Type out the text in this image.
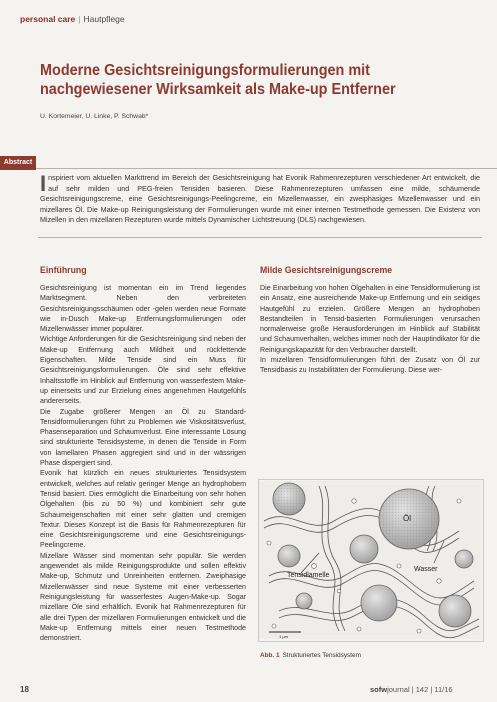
personal care | Hautpflege
Moderne Gesichtsreinigungsformulierungen mit nachgewiesener Wirksamkeit als Make-up Entferner
U. Kortemeier, U. Linke, P. Schwab*
Abstract
Inspiriert vom aktuellen Markttrend im Bereich der Gesichtsreinigung hat Evonik Rahmenrezepturen verschiedener Art entwickelt, die auf sehr milden und PEG-freien Tensiden basieren. Diese Rahmenrezepturen umfassen eine milde, schäumende Gesichtsreinigungscreme, eine Gesichtsreinigungs-Peelingcreme, ein Mizellenwasser, ein zweiphasiges Mizellenwasser und ein mizellares Öl. Die Make-up Reinigungsleistung der Formulierungen wurde mit einer internen Testmethode gemessen. Die Existenz von Mizellen in den mizellaren Rezepturen wurde mittels Dynamischer Lichtstreuung (DLS) nachgewiesen.
Einführung

Gesichtsreinigung ist momentan ein im Trend liegendes Marktsegment. Neben den verbreiteten Gesichtsreinigungsschäumen oder -gelen werden neue Formate wie in-Dusch Make-up Entfernungsformulierungen oder Mizellenwässer immer populärer.

Wichtige Anforderungen für die Gesichtsreinigung sind neben der Make-up Entfernung auch Mildheit und rückfettende Eigenschaften. Milde Tenside sind ein Muss für Gesichtsreinigungsformulierungen. Öle sind sehr effektive Inhaltsstoffe im Hinblick auf Entfernung von wasserfestem Make-up einerseits und zur Erzielung eines angenehmen Hautgefühls andererseits.

Die Zugabe größerer Mengen an Öl zu Standard-Tensidformulierungen führt zu Problemen wie Viskositätsverlust, Phasenseparation und Schaumverlust. Eine interessante Lösung sind strukturierte Tensidsysteme, in denen die Tenside in Form von lamellaren Phasen aggregiert sind und in der wässrigen Phase dispergiert sind.

Evonik hat kürzlich ein neues strukturiertes Tensidsystem entwickelt, welches auf relativ geringer Menge an hydrophobem Tensid basiert. Dies ermöglicht die Einarbeitung von sehr hohen Ölgehalten (bis zu 50 %) und kombiniert sehr gute Schaumeigenschaften mit einer sehr glatten und cremigen Textur. Dieses Konzept ist die Basis für Rahmenrezepturen für eine Gesichtsreinigungscreme und eine Gesichtsreinigungs-Peelingcreme.

Mizellare Wässer sind momentan sehr populär. Sie werden angewendet als milde Reinigungsprodukte und sollen effektiv Make-up, Schmutz und Unreinheiten entfernen. Zweiphasige Mizellenwässer sind neue Systeme mit einer verbesserten Reinigungsleistung für wasserfestes Augen-Make-up. Sogar mizellare Öle sind erhältlich. Evonik hat Rahmenrezepturen für alle drei Typen der mizellaren Formulierungen entwickelt und die Make-up Entfernung mittels einer neuen Testmethode demonstriert.

Milde Gesichtsreinigungscreme

Die Einarbeitung von hohen Ölgehalten in eine Tensidformulierung ist ein Ansatz, eine ausreichende Make-up Entfernung und ein seidiges Hautgefühl zu erzielen. Größere Mengen an hydrophoben Bestandteilen in Tensid-basierten Formulierungen verursachen normalerweise große Herausforderungen im Hinblick auf Stabilität und Schaumverhalten, welches immer noch der Hauptindikator für die Reinigungskapazität für den Verbraucher darstellt.

In mizellaren Tensidformulierungen führt der Zusatz von Öl zur Tensidbasis zu Instabilitäten der Formulierung. Diese wer-

Öl
Tensidlamelle
Wasser
1 µm
Abb. 1 Strukturiertes Tensidsystem
18	sofwjournal | 142 | 11/16
